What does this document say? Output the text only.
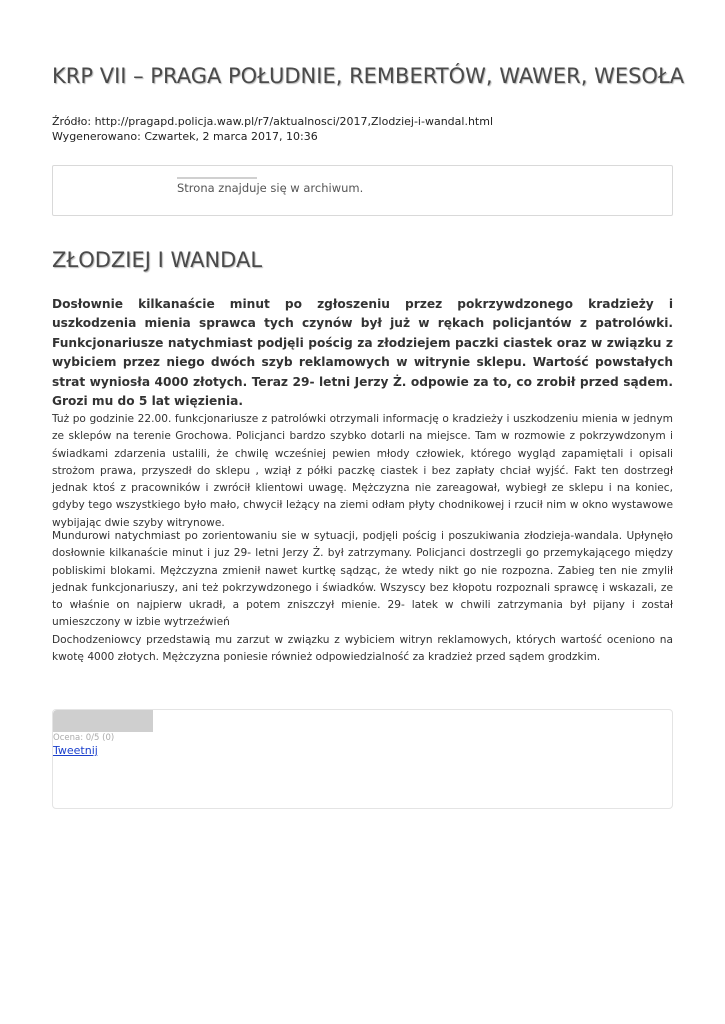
KRP VII – PRAGA POŁUDNIE, REMBERTÓW, WAWER, WESOŁA
Źródło: http://pragapd.policja.waw.pl/r7/aktualnosci/2017,Zlodziej-i-wandal.html
Wygenerowano: Czwartek, 2 marca 2017, 10:36
Strona znajduje się w archiwum.
ZŁODZIEJ I WANDAL

Dosłownie kilkanaście minut po zgłoszeniu przez pokrzywdzonego kradzieży i uszkodzenia mienia sprawca tych czynów był już w rękach policjantów z patrolówki. Funkcjonariusze natychmiast podjęli pościg za złodziejem paczki ciastek oraz w związku z wybiciem przez niego dwóch szyb reklamowych w witrynie sklepu. Wartość powstałych strat wyniosła 4000 złotych. Teraz 29- letni Jerzy Ż. odpowie za to, co zrobił przed sądem. Grozi mu do 5 lat więzienia.

Tuż po godzinie 22.00. funkcjonariusze z patrolówki otrzymali informację o kradzieży i uszkodzeniu mienia w jednym ze sklepów na terenie Grochowa. Policjanci bardzo szybko dotarli na miejsce. Tam w rozmowie z pokrzywdzonym i świadkami zdarzenia ustalili, że chwilę wcześniej pewien młody człowiek, którego wygląd zapamiętali i opisali strożom prawa, przyszedł do sklepu , wziął z półki paczkę ciastek i bez zapłaty chciał wyjść. Fakt ten dostrzegł jednak ktoś z pracowników i zwrócił klientowi uwagę. Mężczyzna nie zareagował, wybiegł ze sklepu i na koniec, gdyby tego wszystkiego było mało, chwycił leżący na ziemi odłam płyty chodnikowej i rzucił nim w okno wystawowe wybijając dwie szyby witrynowe.

Mundurowi natychmiast po zorientowaniu sie w sytuacji, podjęli pościg i poszukiwania złodzieja-wandala. Upłynęło dosłownie kilkanaście minut i juz 29- letni Jerzy Ż. był zatrzymany. Policjanci dostrzegli go przemykającego między pobliskimi blokami. Mężczyzna zmienił nawet kurtkę sądząc, że wtedy nikt go nie rozpozna. Zabieg ten nie zmylił jednak funkcjonariuszy, ani też pokrzywdzonego i świadków. Wszyscy bez kłopotu rozpoznali sprawcę i wskazali, ze to właśnie on najpierw ukradł, a potem zniszczył mienie. 29- latek w chwili zatrzymania był pijany i został umieszczony w izbie wytrzeźwień

Dochodzeniowcy przedstawią mu zarzut w związku z wybiciem witryn reklamowych, których wartość oceniono na kwotę 4000 złotych. Mężczyzna poniesie również odpowiedzialność za kradzież przed sądem grodzkim.

Ocena: 0/5 (0)
Tweetnij
